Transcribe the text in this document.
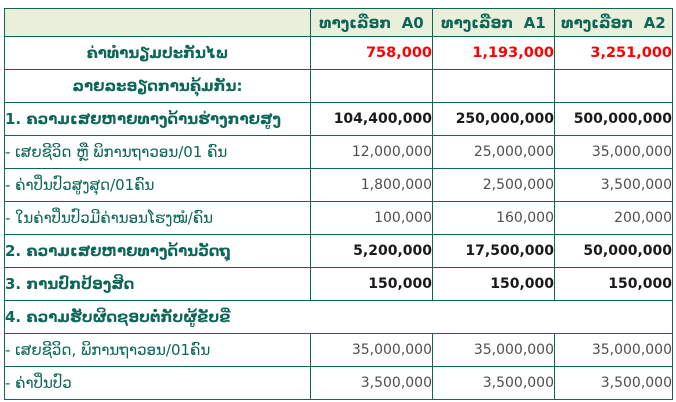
	ທາງເລືອກ  A0	ທາງເລືອກ  A1	ທາງເລືອກ  A2
ຄ່າທຳນຽມປະກັນໄພ	758,000	1,193,000	3,251,000
ລາຍລະອຽດການຄຸ້ມກັນ:			
1. ຄວາມເສຍຫາຍທາງດ້ານຮ່າງກາຍສູງ	104,400,000	250,000,000	500,000,000
- ເສຍຊີວິດ ຫຼື ພິການຖາວອນ/01 ຄົນ	12,000,000	25,000,000	35,000,000
- ຄ່າປິ່ນປົວສູງສຸດ/01ຄົນ	1,800,000	2,500,000	3,500,000
- ໃນຄ່າປິ່ນປົວມີຄ່ານອນໂຮງໝໍ/ຄົນ	100,000	160,000	200,000
2. ຄວາມເສຍຫາຍທາງດ້ານວັດຖຸ	5,200,000	17,500,000	50,000,000
3. ການປົກປ້ອງສິດ	150,000	150,000	150,000
4. ຄວາມຮັບຜິດຊອບຕໍ່ກັບຜູ້ຂັບຂີ່			
- ເສຍຊີວິດ, ພິການຖາວອນ/01ຄົນ	35,000,000	35,000,000	35,000,000
- ຄ່າປິ່ນປົວ	3,500,000	3,500,000	3,500,000
